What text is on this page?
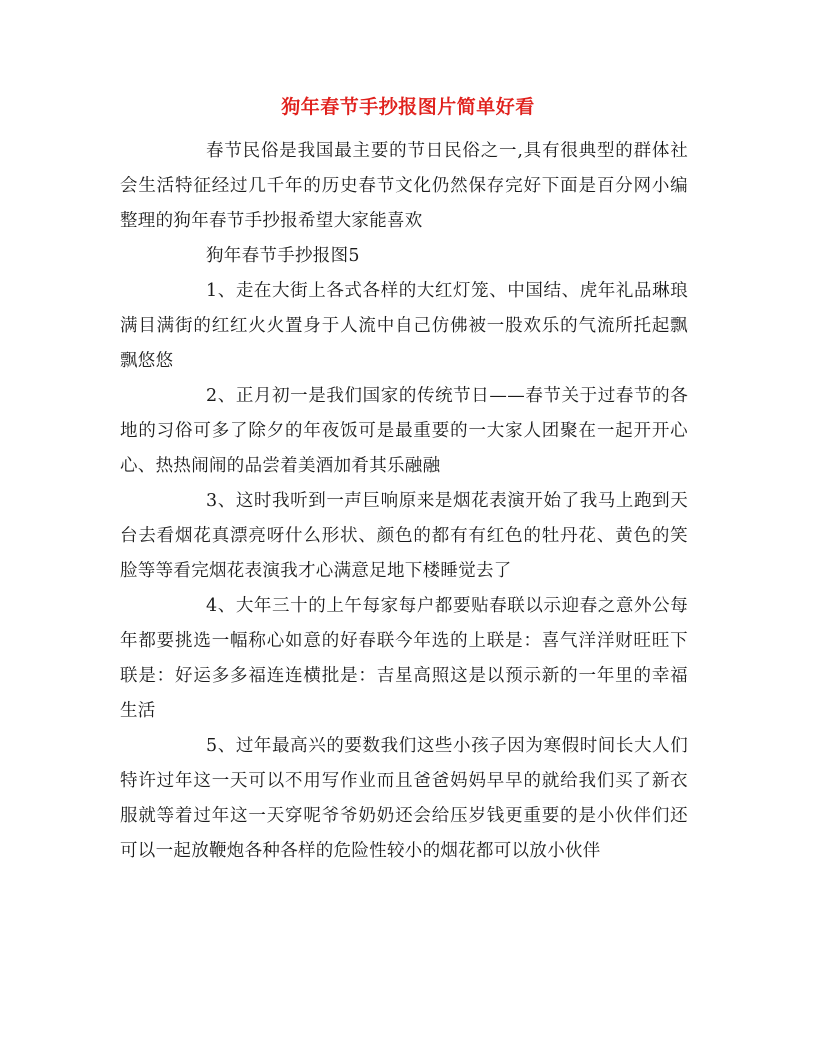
狗年春节手抄报图片简单好看

春节民俗是我国最主要的节日民俗之一,具有很典型的群体社会生活特征经过几千年的历史春节文化仍然保存完好下面是百分网小编整理的狗年春节手抄报希望大家能喜欢

狗年春节手抄报图5

1、走在大街上各式各样的大红灯笼、中国结、虎年礼品琳琅满目满街的红红火火置身于人流中自己仿佛被一股欢乐的气流所托起飘飘悠悠

2、正月初一是我们国家的传统节日——春节关于过春节的各地的习俗可多了除夕的年夜饭可是最重要的一大家人团聚在一起开开心心、热热闹闹的品尝着美酒加肴其乐融融

3、这时我听到一声巨响原来是烟花表演开始了我马上跑到天台去看烟花真漂亮呀什么形状、颜色的都有有红色的牡丹花、黄色的笑脸等等看完烟花表演我才心满意足地下楼睡觉去了

4、大年三十的上午每家每户都要贴春联以示迎春之意外公每年都要挑选一幅称心如意的好春联今年选的上联是：喜气洋洋财旺旺下联是：好运多多福连连横批是：吉星高照这是以预示新的一年里的幸福生活

5、过年最高兴的要数我们这些小孩子因为寒假时间长大人们特许过年这一天可以不用写作业而且爸爸妈妈早早的就给我们买了新衣服就等着过年这一天穿呢爷爷奶奶还会给压岁钱更重要的是小伙伴们还可以一起放鞭炮各种各样的危险性较小的烟花都可以放小伙伴
